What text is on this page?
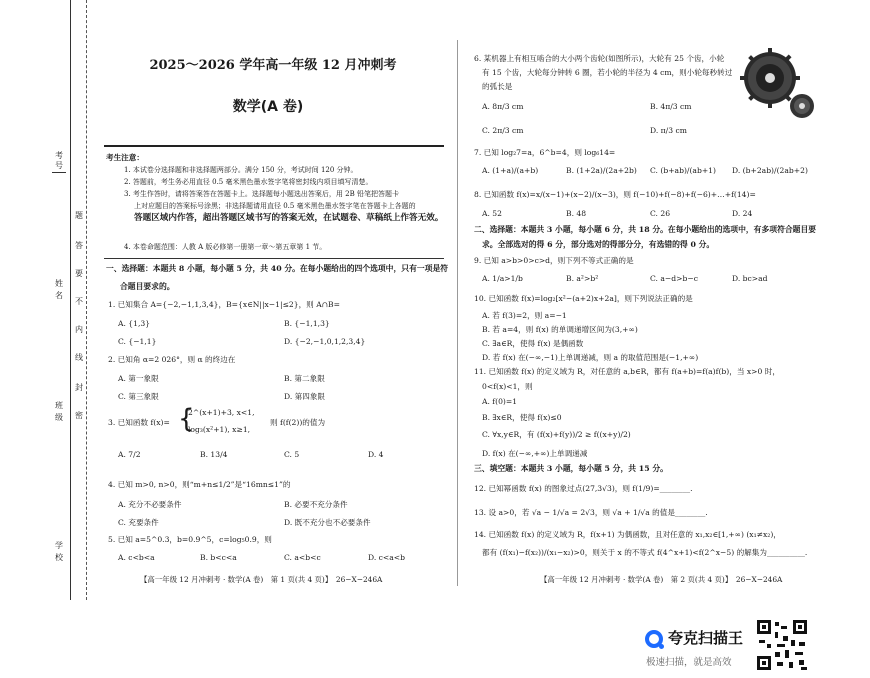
考
号
姓
名
班
级
学
校
题
答
要
不
内
线
封
密
2025～2026 学年高一年级 12 月冲刺考
数学(A 卷)
考生注意：
1. 本试卷分选择题和非选择题两部分。满分 150 分，考试时间 120 分钟。
2. 答题前，考生务必用直径 0.5 毫米黑色墨水签字笔将密封线内项目填写清楚。
3. 考生作答时，请将答案答在答题卡上。选择题每小题选出答案后，用 2B 铅笔把答题卡
上对应题目的答案标号涂黑；非选择题请用直径 0.5 毫米黑色墨水签字笔在答题卡上各题的
答题区域内作答，超出答题区域书写的答案无效，在试题卷、草稿纸上作答无效。
4. 本卷命题范围：人教 A 版必修第一册第一章～第五章第 1 节。
一、选择题：本题共 8 小题，每小题 5 分，共 40 分。在每小题给出的四个选项中，只有一项是符
合题目要求的。
1. 已知集合 A={−2,−1,1,3,4}，B={x∈N||x−1|≤2}，则 A∩B=
A. {1,3}	B. {−1,1,3}
C. {−1,1}	D. {−2,−1,0,1,2,3,4}
2. 已知角 α=2 026°，则 α 的终边在
A. 第一象限	B. 第二象限
C. 第三象限	D. 第四象限
3. 已知函数 f(x)= {
2^(x+1)+3, x<1,
log₃(x²+1), x≥1,
则 f(f(2))的值为
A. 7/2	B. 13/4	C. 5	D. 4
4. 已知 m>0, n>0，则“m+n≤1/2”是“16mn≤1”的
A. 充分不必要条件	B. 必要不充分条件
C. 充要条件	D. 既不充分也不必要条件
5. 已知 a=5^0.3，b=0.9^5，c=log₅0.9，则
A. c<b<a	B. b<c<a	C. a<b<c	D. c<a<b
【高一年级 12 月冲刺考 · 数学(A 卷)　第 1 页(共 4 页)】　26−X−246A
6. 某机器上有相互啮合的大小两个齿轮(如图所示)，大轮有 25 个齿，小轮
有 15 个齿，大轮每分钟转 6 圈，若小轮的半径为 4 cm，则小轮每秒转过
的弧长是
A. 8π/3 cm	B. 4π/3 cm
C. 2π/3 cm	D. π/3 cm
7. 已知 log₂7=a，6^b=4，则 log₆14=
A. (1+a)/(a+b)	B. (1+2a)/(2a+2b) C. (b+ab)/(ab+1) D. (b+2ab)/(2ab+2)
8. 已知函数 f(x)=x/(x−1)+(x−2)/(x−3)，则 f(−10)+f(−8)+f(−6)+…+f(14)=
A. 52	B. 48	C. 26	D. 24
二、选择题：本题共 3 小题，每小题 6 分，共 18 分。在每小题给出的选项中，有多项符合题目要
求。全部选对的得 6 分，部分选对的得部分分，有选错的得 0 分。
9. 已知 a>b>0>c>d，则下列不等式正确的是
A. 1/a>1/b	B. a²>b²	C. a−d>b−c	D. bc>ad
10. 已知函数 f(x)=log₂[x²−(a+2)x+2a]，则下列说法正确的是
A. 若 f(3)=2，则 a=−1
B. 若 a=4，则 f(x) 的单调递增区间为(3,+∞)
C. ∃a∈R，使得 f(x) 是偶函数
D. 若 f(x) 在(−∞,−1)上单调递减，则 a 的取值范围是(−1,+∞)
11. 已知函数 f(x) 的定义域为 R，对任意的 a,b∈R，都有 f(a+b)=f(a)f(b)，当 x>0 时，
0<f(x)<1，则
A. f(0)=1
B. ∃x∈R，使得 f(x)≤0
C. ∀x,y∈R，有 (f(x)+f(y))/2 ≥ f((x+y)/2)
D. f(x) 在(−∞,+∞)上单调递减
三、填空题：本题共 3 小题，每小题 5 分，共 15 分。
12. 已知幂函数 f(x) 的图象过点(27,3√3)，则 f(1/9)=________.
13. 设 a>0，若 √a − 1/√a = 2√3，则 √a + 1/√a 的值是________.
14. 已知函数 f(x) 的定义域为 R，f(x+1) 为偶函数，且对任意的 x₁,x₂∈[1,+∞) (x₁≠x₂)，
都有 (f(x₁)−f(x₂))/(x₁−x₂)>0，则关于 x 的不等式 f(4^x+1)<f(2^x−5) 的解集为__________.
【高一年级 12 月冲刺考 · 数学(A 卷)　第 2 页(共 4 页)】　26−X−246A
夸克扫描王
极速扫描，就是高效
